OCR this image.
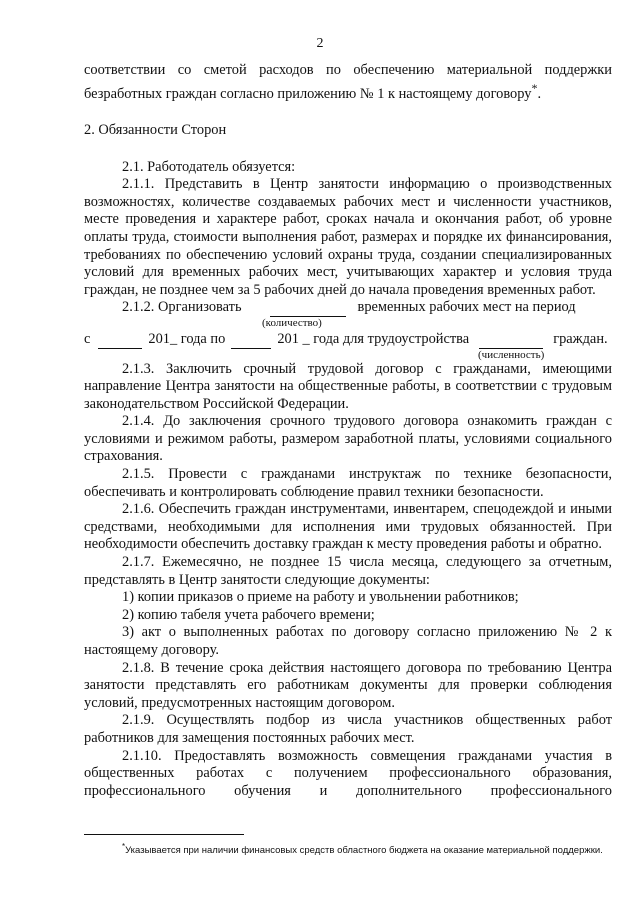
2

соответствии со сметой расходов по обеспечению материальной поддержки безработных граждан согласно приложению № 1 к настоящему договору*.

2. Обязанности Сторон

2.1. Работодатель обязуется:

2.1.1. Представить в Центр занятости информацию о производственных возможностях, количестве создаваемых рабочих мест и численности участников, месте проведения и характере работ, сроках начала и окончания работ, об уровне оплаты труда, стоимости выполнения работ, размерах и порядке их финансирования, требованиях по обеспечению условий охраны труда, создании специализированных условий для временных рабочих мест, учитывающих характер и условия труда граждан, не позднее чем за 5 рабочих дней до начала проведения временных работ.

2.1.2. Организовать	временных рабочих мест на период
(количество)
с	201_ года по	201 _ года для трудоустройства	граждан.
(численность)

2.1.3. Заключить срочный трудовой договор с гражданами, имеющими направление Центра занятости на общественные работы, в соответствии с трудовым законодательством Российской Федерации.

2.1.4. До заключения срочного трудового договора ознакомить граждан с условиями и режимом работы, размером заработной платы, условиями социального страхования.

2.1.5. Провести с гражданами инструктаж по технике безопасности, обеспечивать и контролировать соблюдение правил техники безопасности.

2.1.6. Обеспечить граждан инструментами, инвентарем, спецодеждой и иными средствами, необходимыми для исполнения ими трудовых обязанностей. При необходимости обеспечить доставку граждан к месту проведения работы и обратно.

2.1.7. Ежемесячно, не позднее 15 числа месяца, следующего за отчетным, представлять в Центр занятости следующие документы:

1) копии приказов о приеме на работу и увольнении работников;

2) копию табеля учета рабочего времени;

3) акт о выполненных работах по договору согласно приложению № 2 к настоящему договору.

2.1.8. В течение срока действия настоящего договора по требованию Центра занятости представлять его работникам документы для проверки соблюдения условий, предусмотренных настоящим договором.

2.1.9. Осуществлять подбор из числа участников общественных работ работников для замещения постоянных рабочих мест.

2.1.10. Предоставлять возможность совмещения гражданами участия в общественных работах с получением профессионального образования, профессионального обучения и дополнительного профессионального

*Указывается при наличии финансовых средств областного бюджета на оказание материальной поддержки.
